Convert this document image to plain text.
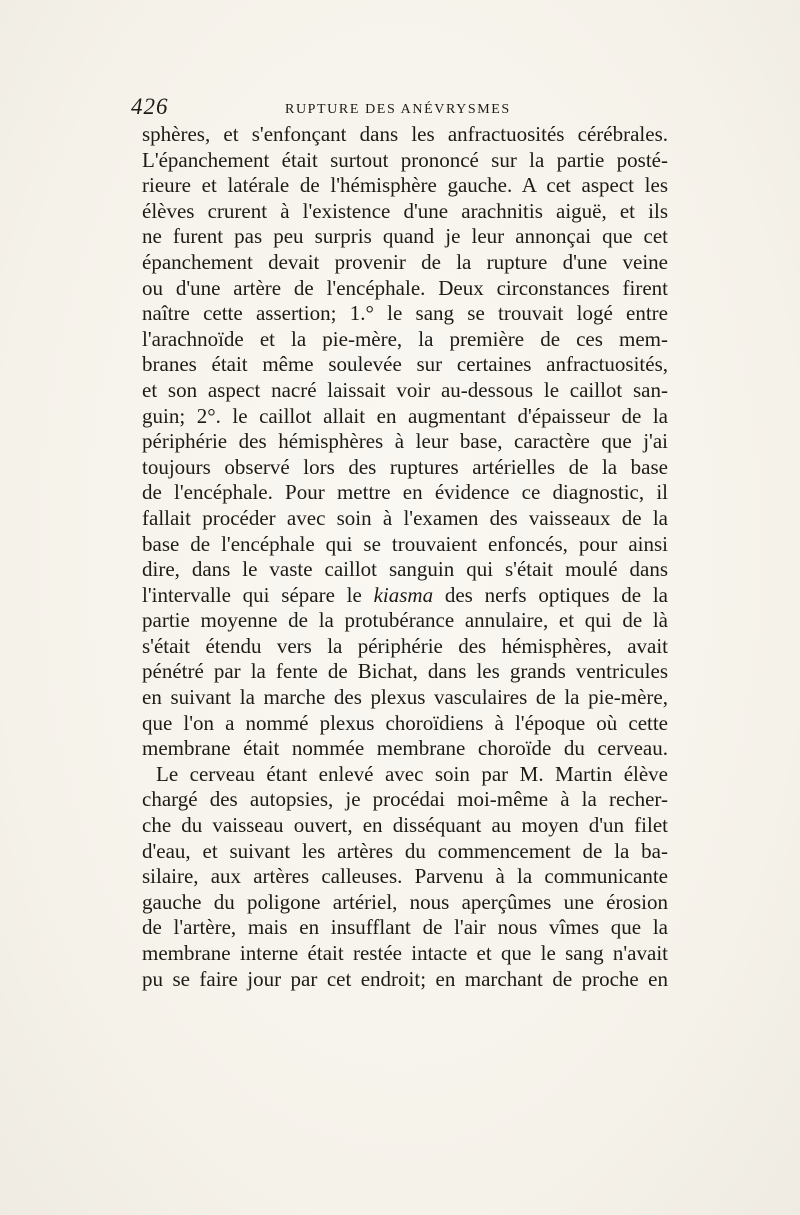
426	RUPTURE DES ANÉVRYSMES
sphères, et s'enfonçant dans les anfractuosités cérébrales.
L'épanchement était surtout prononcé sur la partie posté-
rieure et latérale de l'hémisphère gauche. A cet aspect les
élèves crurent à l'existence d'une arachnitis aiguë, et ils
ne furent pas peu surpris quand je leur annonçai que cet
épanchement devait provenir de la rupture d'une veine
ou d'une artère de l'encéphale. Deux circonstances firent
naître cette assertion; 1.° le sang se trouvait logé entre
l'arachnoïde et la pie-mère, la première de ces mem-
branes était même soulevée sur certaines anfractuosités,
et son aspect nacré laissait voir au-dessous le caillot san-
guin; 2°. le caillot allait en augmentant d'épaisseur de la
périphérie des hémisphères à leur base, caractère que j'ai
toujours observé lors des ruptures artérielles de la base
de l'encéphale. Pour mettre en évidence ce diagnostic, il
fallait procéder avec soin à l'examen des vaisseaux de la
base de l'encéphale qui se trouvaient enfoncés, pour ainsi
dire, dans le vaste caillot sanguin qui s'était moulé dans
l'intervalle qui sépare le kiasma des nerfs optiques de la
partie moyenne de la protubérance annulaire, et qui de là
s'était étendu vers la périphérie des hémisphères, avait
pénétré par la fente de Bichat, dans les grands ventricules
en suivant la marche des plexus vasculaires de la pie-mère,
que l'on a nommé plexus choroïdiens à l'époque où cette
membrane était nommée membrane choroïde du cerveau.
Le cerveau étant enlevé avec soin par M. Martin élève
chargé des autopsies, je procédai moi-même à la recher-
che du vaisseau ouvert, en disséquant au moyen d'un filet
d'eau, et suivant les artères du commencement de la ba-
silaire, aux artères calleuses. Parvenu à la communicante
gauche du poligone artériel, nous aperçûmes une érosion
de l'artère, mais en insufflant de l'air nous vîmes que la
membrane interne était restée intacte et que le sang n'avait
pu se faire jour par cet endroit; en marchant de proche en
